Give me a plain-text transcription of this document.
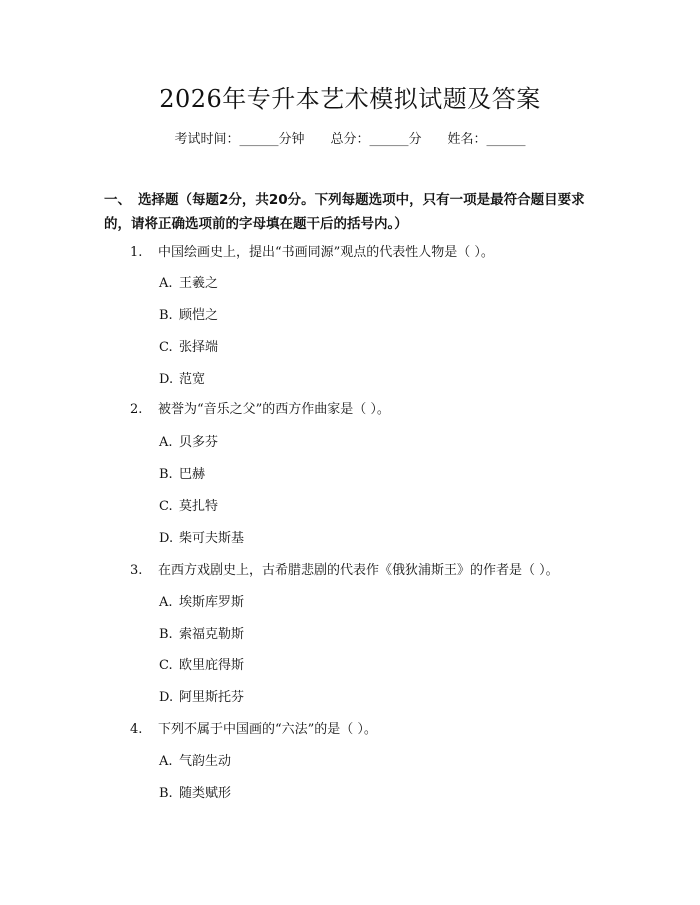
2026年专升本艺术模拟试题及答案
考试时间：______分钟 总分：______分 姓名：______
一、 选择题（每题2分，共20分。下列每题选项中，只有一项是最符合题目要求的，请将正确选项前的字母填在题干后的括号内。）
1. 中国绘画史上，提出“书画同源”观点的代表性人物是（ ）。
A. 王羲之
B. 顾恺之
C. 张择端
D. 范宽
2. 被誉为“音乐之父”的西方作曲家是（ ）。
A. 贝多芬
B. 巴赫
C. 莫扎特
D. 柴可夫斯基
3. 在西方戏剧史上，古希腊悲剧的代表作《俄狄浦斯王》的作者是（ ）。
A. 埃斯库罗斯
B. 索福克勒斯
C. 欧里庇得斯
D. 阿里斯托芬
4. 下列不属于中国画的“六法”的是（ ）。
A. 气韵生动
B. 随类赋形
